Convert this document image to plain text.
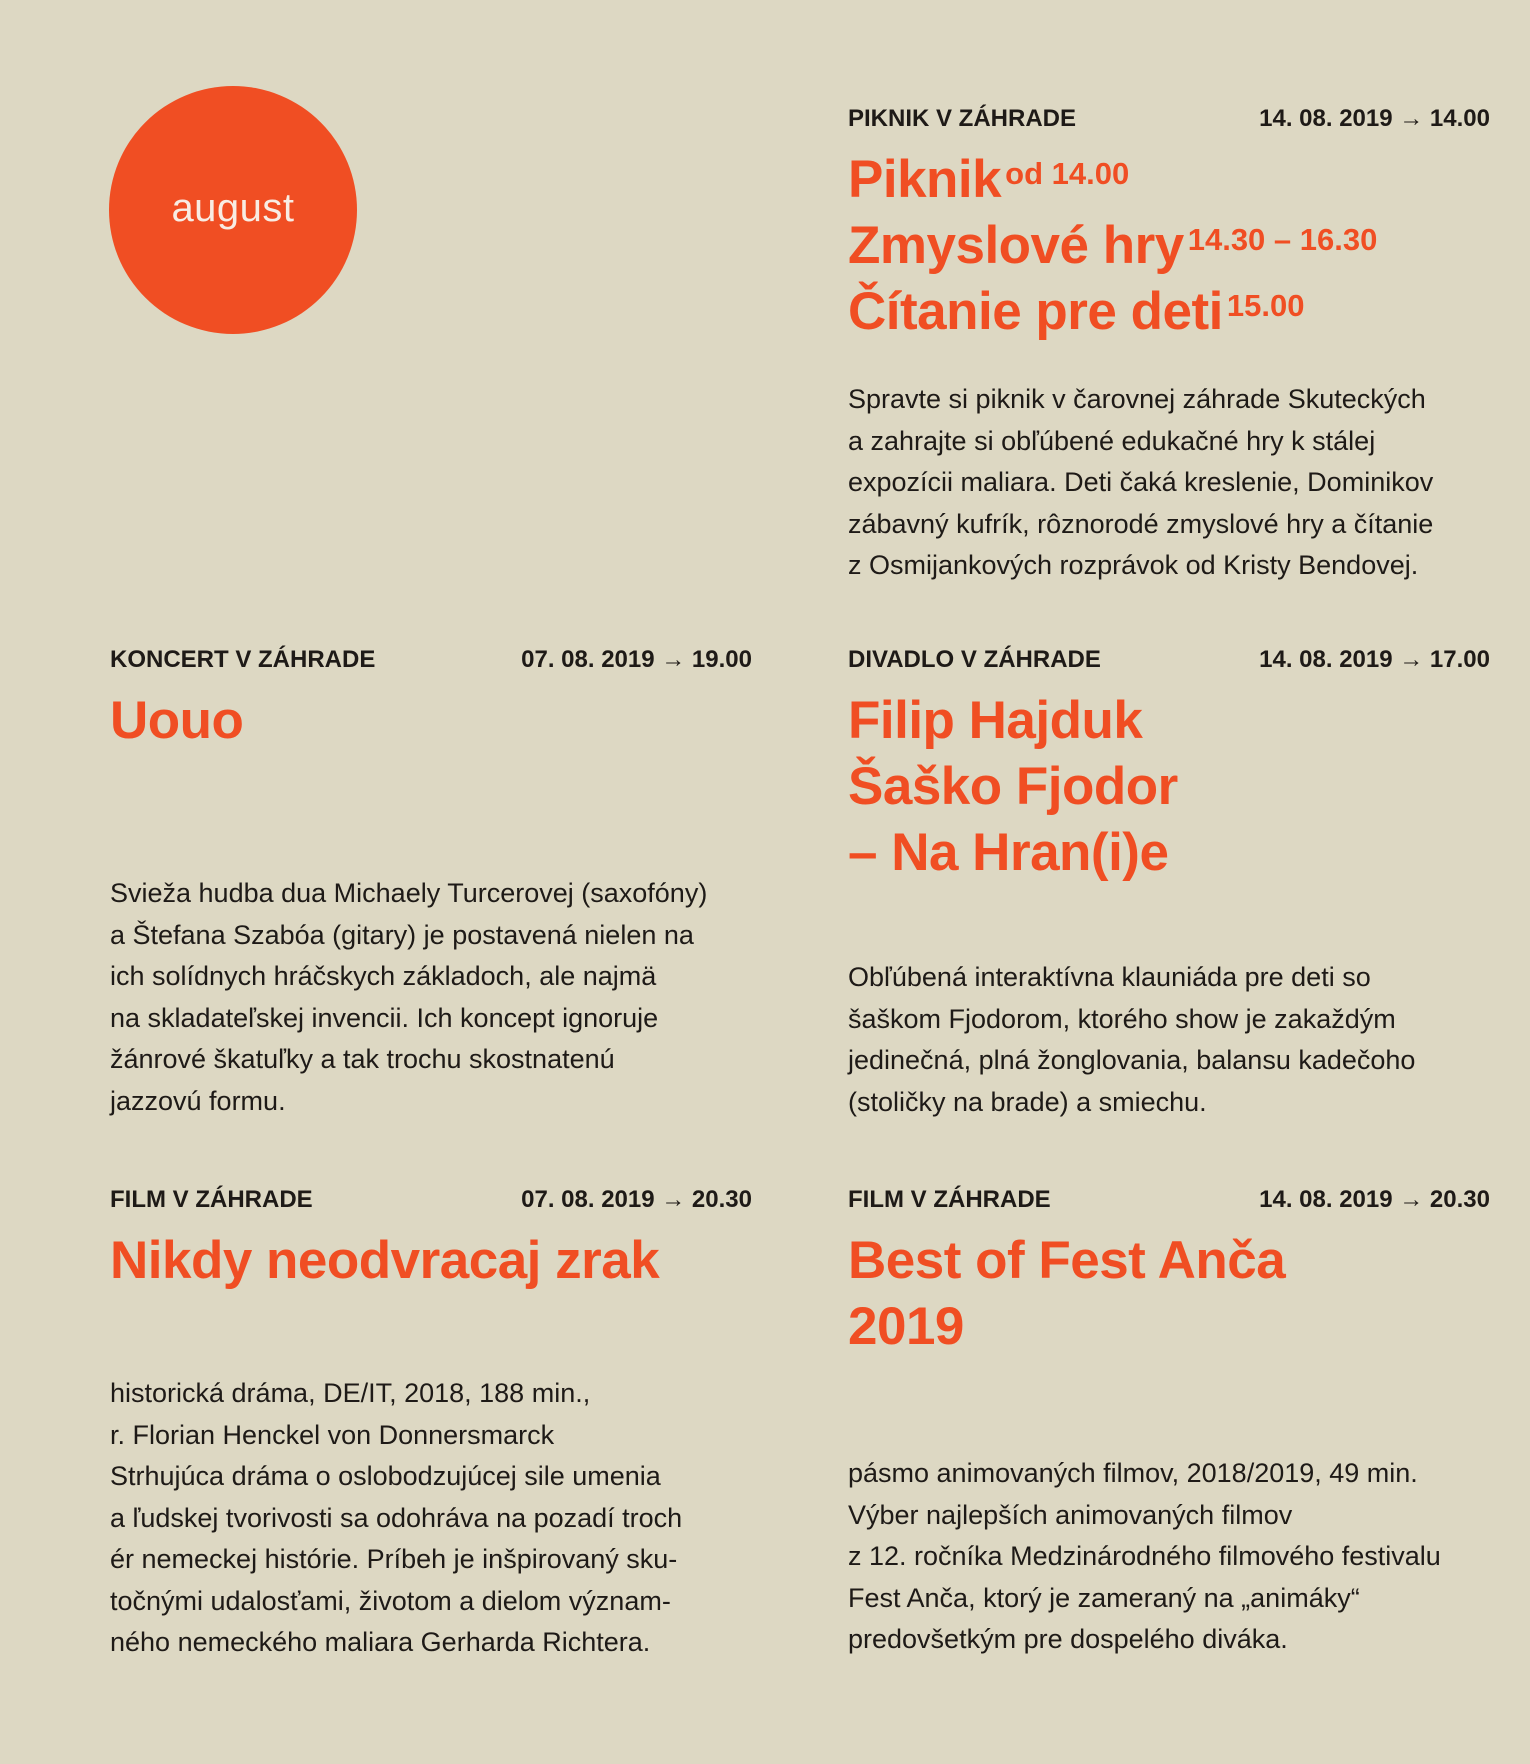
august
PIKNIK V ZÁHRADE	14. 08. 2019 → 14.00
Piknik $^{od 14.00}$
Zmyslové hry $^{14.30 - 16.30}$
Čítanie pre deti $^{15.00}$
Spravte si piknik v čarovnej záhrade Skuteckých
a zahrajte si obľúbené edukačné hry k stálej
expozícii maliara. Deti čaká kreslenie, Dominikov
zábavný kufrík, rôznorodé zmyslové hry a čítanie
z Osmijankových rozprávok od Kristy Bendovej.
KONCERT V ZÁHRADE	07. 08. 2019 → 19.00
Uouo
Svieža hudba dua Michaely Turcerovej (saxofóny)
a Štefana Szabóa (gitary) je postavená nielen na
ich solídnych hráčskych základoch, ale najmä
na skladateľskej invencii. Ich koncept ignoruje
žánrové škatuľky a tak trochu skostnatenú
jazzovú formu.
DIVADLO V ZÁHRADE	14. 08. 2019 → 17.00
Filip Hajduk
Šaško Fjodor
– Na Hran(i)e
Obľúbená interaktívna klauniáda pre deti so
šaškom Fjodorom, ktorého show je zakaždým
jedinečná, plná žonglovania, balansu kadečoho
(stoličky na brade) a smiechu.
FILM V ZÁHRADE	07. 08. 2019 → 20.30
Nikdy neodvracaj zrak
historická dráma, DE/IT, 2018, 188 min.,
r. Florian Henckel von Donnersmarck
Strhujúca dráma o oslobodzujúcej sile umenia
a ľudskej tvorivosti sa odohráva na pozadí troch
ér nemeckej histórie. Príbeh je inšpirovaný sku-
točnými udalosťami, životom a dielom význam-
ného nemeckého maliara Gerharda Richtera.
FILM V ZÁHRADE	14. 08. 2019 → 20.30
Best of Fest Anča
2019
pásmo animovaných filmov, 2018/2019, 49 min.
Výber najlepších animovaných filmov
z 12. ročníka Medzinárodného filmového festivalu
Fest Anča, ktorý je zameraný na „animáky“
predovšetkým pre dospelého diváka.
